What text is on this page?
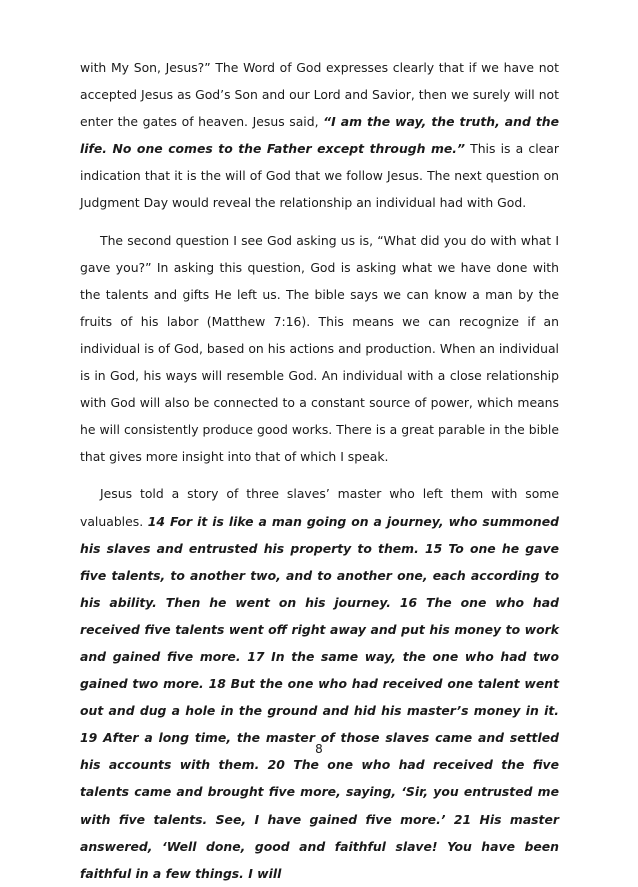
with My Son, Jesus?” The Word of God expresses clearly that if we have not accepted Jesus as God’s Son and our Lord and Savior, then we surely will not enter the gates of heaven. Jesus said, “I am the way, the truth, and the life. No one comes to the Father except through me.” This is a clear indication that it is the will of God that we follow Jesus. The next question on Judgment Day would reveal the relationship an individual had with God.

The second question I see God asking us is, “What did you do with what I gave you?” In asking this question, God is asking what we have done with the talents and gifts He left us. The bible says we can know a man by the fruits of his labor (Matthew 7:16). This means we can recognize if an individual is of God, based on his actions and production. When an individual is in God, his ways will resemble God. An individual with a close relationship with God will also be connected to a constant source of power, which means he will consistently produce good works. There is a great parable in the bible that gives more insight into that of which I speak.

Jesus told a story of three slaves’ master who left them with some valuables. 14 For it is like a man going on a journey, who summoned his slaves and entrusted his property to them. 15 To one he gave five talents, to another two, and to another one, each according to his ability. Then he went on his journey. 16 The one who had received five talents went off right away and put his money to work and gained five more. 17 In the same way, the one who had two gained two more. 18 But the one who had received one talent went out and dug a hole in the ground and hid his master’s money in it. 19 After a long time, the master of those slaves came and settled his accounts with them. 20 The one who had received the five talents came and brought five more, saying, ‘Sir, you entrusted me with five talents. See, I have gained five more.’ 21 His master answered, ‘Well done, good and faithful slave! You have been faithful in a few things. I will

8
